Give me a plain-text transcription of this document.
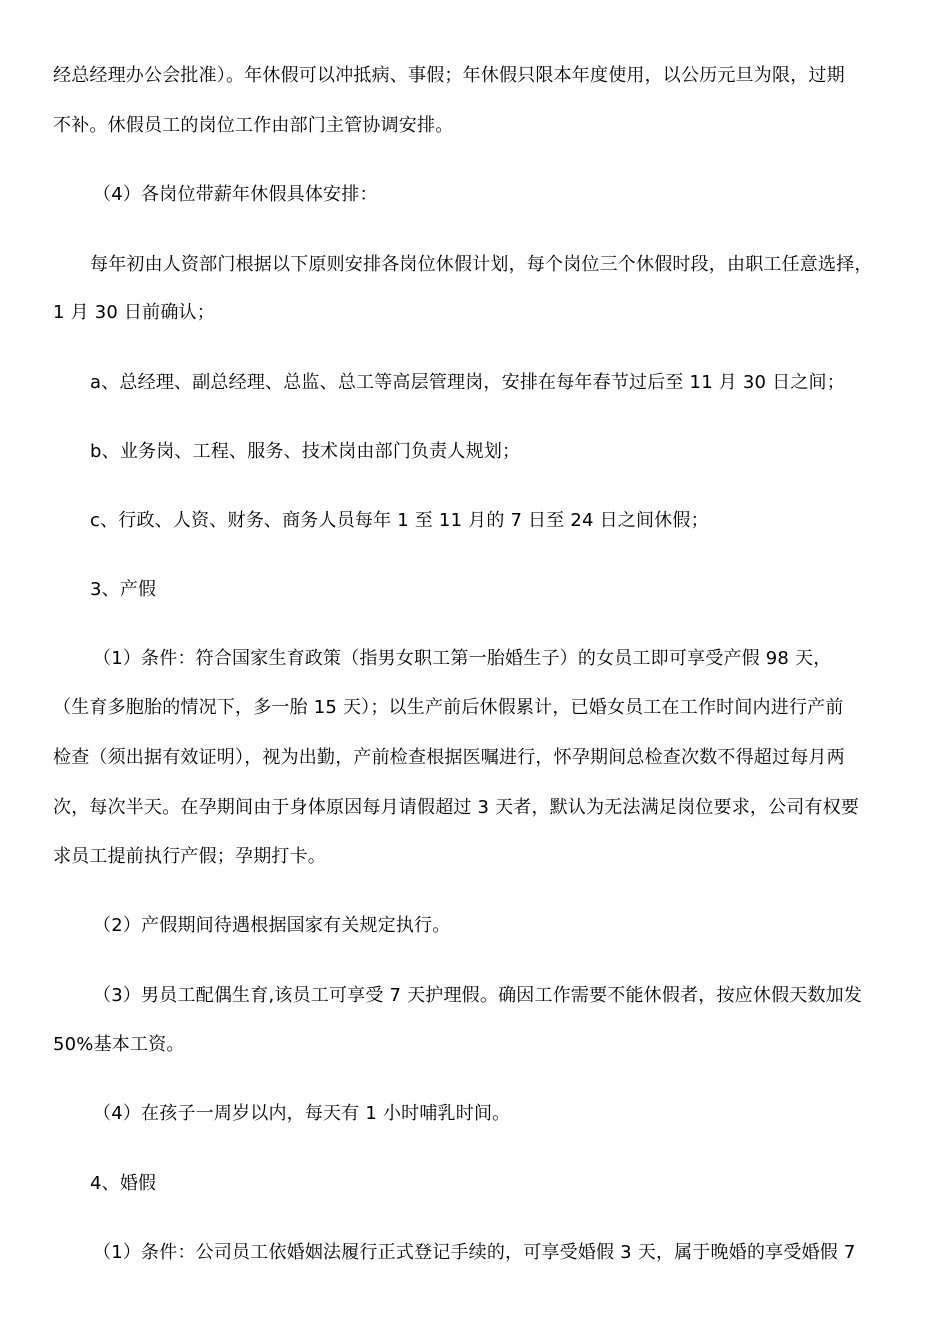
经总经理办公会批准）。年休假可以冲抵病、事假；年休假只限本年度使用，以公历元旦为限，过期
不补。休假员工的岗位工作由部门主管协调安排。
（4）各岗位带薪年休假具体安排：
每年初由人资部门根据以下原则安排各岗位休假计划，每个岗位三个休假时段，由职工任意选择，
1 月 30 日前确认；
a、总经理、副总经理、总监、总工等高层管理岗，安排在每年春节过后至 11 月 30 日之间；
b、业务岗、工程、服务、技术岗由部门负责人规划；
c、行政、人资、财务、商务人员每年 1 至 11 月的 7 日至 24 日之间休假；
3、产假
（1）条件：符合国家生育政策（指男女职工第一胎婚生子）的女员工即可享受产假 98 天，
（生育多胞胎的情况下，多一胎 15 天）；以生产前后休假累计，已婚女员工在工作时间内进行产前
检查（须出据有效证明），视为出勤，产前检查根据医嘱进行，怀孕期间总检查次数不得超过每月两
次，每次半天。在孕期间由于身体原因每月请假超过 3 天者，默认为无法满足岗位要求，公司有权要
求员工提前执行产假；孕期打卡。
（2）产假期间待遇根据国家有关规定执行。
（3）男员工配偶生育,该员工可享受 7 天护理假。确因工作需要不能休假者，按应休假天数加发
50%基本工资。
（4）在孩子一周岁以内，每天有 1 小时哺乳时间。
4、婚假
（1）条件：公司员工依婚姻法履行正式登记手续的，可享受婚假 3 天，属于晚婚的享受婚假 7
